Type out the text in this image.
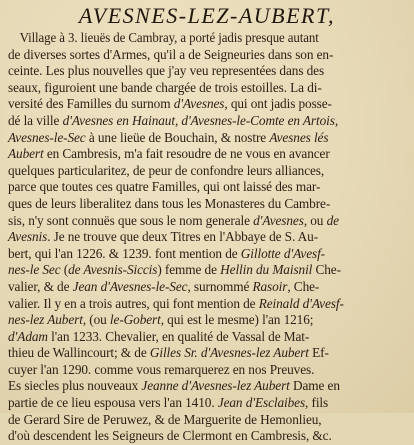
AVESNES-LEZ-AUBERT,
Village à 3. lieuës de Cambray, a porté jadis presque autant
de diverses sortes d'Armes, qu'il a de Seigneuries dans son en-
ceinte. Les plus nouvelles que j'ay veu representées dans des
seaux, figuroient une bande chargée de trois estoilles. La di-
versité des Familles du surnom d'Avesnes, qui ont jadis posse-
dé la ville d'Avesnes en Hainaut, d'Avesnes-le-Comte en Artois,
Avesnes-le-Sec à une lieüe de Bouchain, & nostre Avesnes lés
Aubert en Cambresis, m'a fait resoudre de ne vous en avancer
quelques particularitez, de peur de confondre leurs alliances,
parce que toutes ces quatre Familles, qui ont laissé des mar-
ques de leurs liberalitez dans tous les Monasteres du Cambre-
sis, n'y sont connuës que sous le nom generale d'Avesnes, ou de
Avesnis. Je ne trouve que deux Titres en l'Abbaye de S. Au-
bert, qui l'an 1226. & 1239. font mention de Gillotte d'Avesf-
nes-le Sec (de Avesnis-Siccis) femme de Hellin du Maisnil Che-
valier, & de Jean d'Avesnes-le-Sec, surnommé Rasoir, Che-
valier. Il y en a trois autres, qui font mention de Reinald d'Avesf-
nes-lez Aubert, (ou le-Gobert, qui est le mesme) l'an 1216;
d'Adam l'an 1233. Chevalier, en qualité de Vassal de Mat-
thieu de Wallincourt; & de Gilles Sr. d'Avesnes-lez Aubert Ef-
cuyer l'an 1290. comme vous remarquerez en nos Preuves.
Es siecles plus nouveaux Jeanne d'Avesnes-lez Aubert Dame en
partie de ce lieu espousa vers l'an 1410. Jean d'Esclaibes, fils
de Gerard Sire de Peruwez, & de Marguerite de Hemonlieu,
d'où descendent les Seigneurs de Clermont en Cambresis, &c.
